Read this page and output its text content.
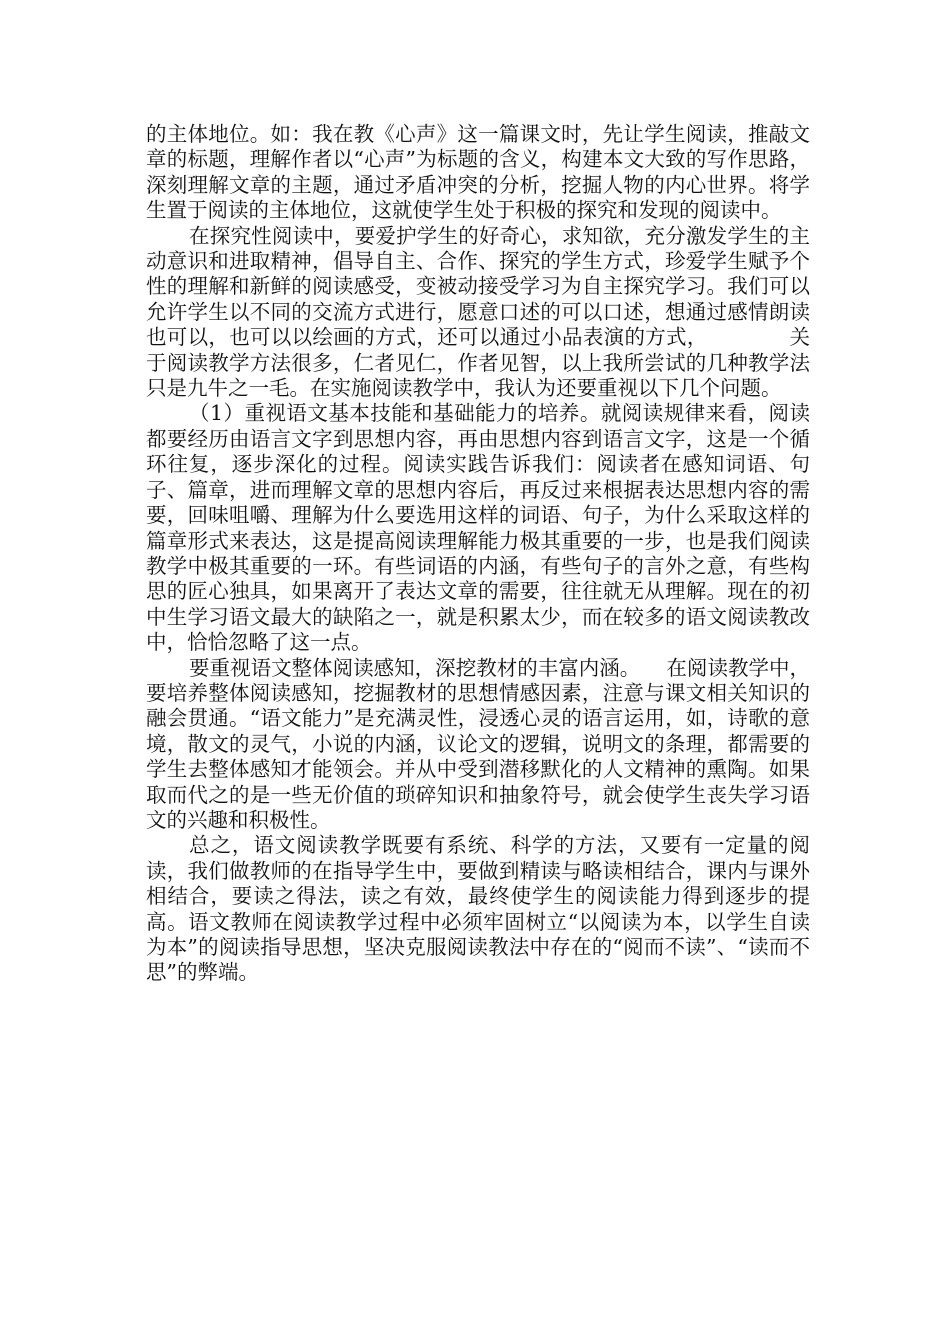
的主体地位。如：我在教《心声》这一篇课文时，先让学生阅读，推敲文章的标题，理解作者以“心声”为标题的含义，构建本文大致的写作思路，深刻理解文章的主题，通过矛盾冲突的分析，挖掘人物的内心世界。将学生置于阅读的主体地位，这就使学生处于积极的探究和发现的阅读中。

在探究性阅读中，要爱护学生的好奇心，求知欲，充分激发学生的主动意识和进取精神，倡导自主、合作、探究的学生方式，珍爱学生赋予个性的理解和新鲜的阅读感受，变被动接受学习为自主探究学习。我们可以允许学生以不同的交流方式进行，愿意口述的可以口述，想通过感情朗读也可以，也可以以绘画的方式，还可以通过小品表演的方式，            关于阅读教学方法很多，仁者见仁，作者见智，以上我所尝试的几种教学法只是九牛之一毛。在实施阅读教学中，我认为还要重视以下几个问题。

（1）重视语文基本技能和基础能力的培养。就阅读规律来看，阅读都要经历由语言文字到思想内容，再由思想内容到语言文字，这是一个循环往复，逐步深化的过程。阅读实践告诉我们：阅读者在感知词语、句子、篇章，进而理解文章的思想内容后，再反过来根据表达思想内容的需要，回味咀嚼、理解为什么要选用这样的词语、句子，为什么采取这样的篇章形式来表达，这是提高阅读理解能力极其重要的一步，也是我们阅读教学中极其重要的一环。有些词语的内涵，有些句子的言外之意，有些构思的匠心独具，如果离开了表达文章的需要，往往就无从理解。现在的初中生学习语文最大的缺陷之一，就是积累太少，而在较多的语文阅读教改中，恰恰忽略了这一点。

要重视语文整体阅读感知，深挖教材的丰富内涵。    在阅读教学中，要培养整体阅读感知，挖掘教材的思想情感因素，注意与课文相关知识的融会贯通。“语文能力”是充满灵性，浸透心灵的语言运用，如，诗歌的意境，散文的灵气，小说的内涵，议论文的逻辑，说明文的条理，都需要的学生去整体感知才能领会。并从中受到潜移默化的人文精神的熏陶。如果取而代之的是一些无价值的琐碎知识和抽象符号，就会使学生丧失学习语文的兴趣和积极性。

总之，语文阅读教学既要有系统、科学的方法，又要有一定量的阅读，我们做教师的在指导学生中，要做到精读与略读相结合，课内与课外相结合，要读之得法，读之有效，最终使学生的阅读能力得到逐步的提高。语文教师在阅读教学过程中必须牢固树立“以阅读为本，以学生自读为本”的阅读指导思想，坚决克服阅读教法中存在的“阅而不读”、“读而不思”的弊端。
